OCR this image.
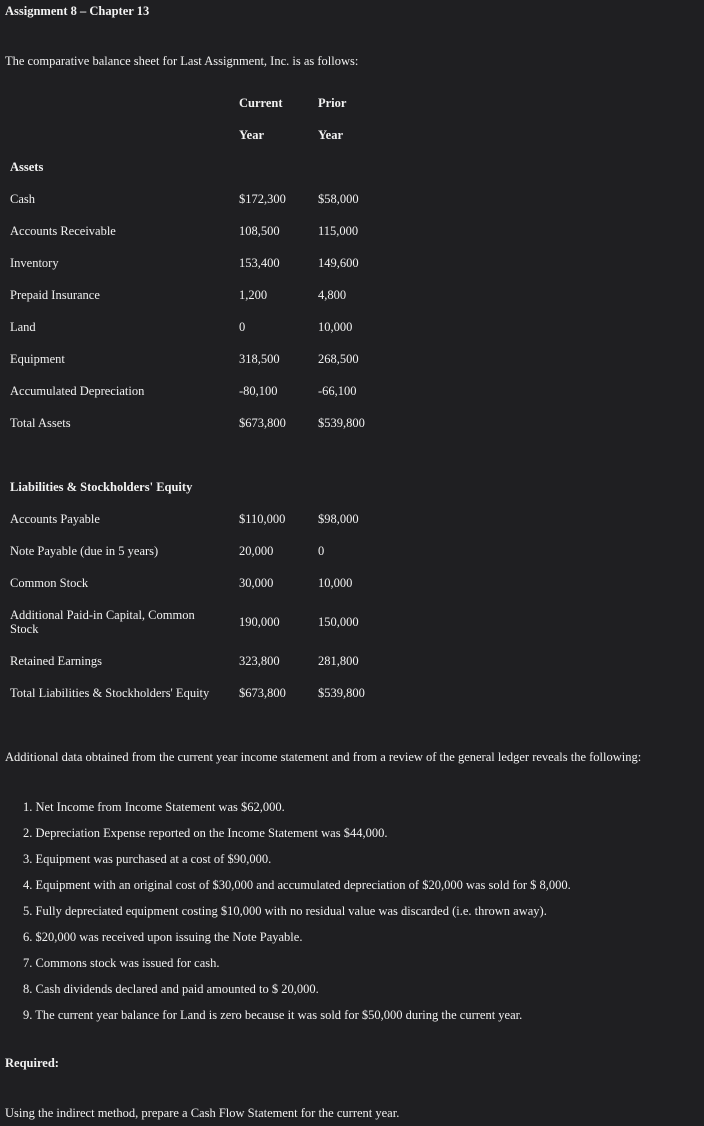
Assignment 8 – Chapter 13
The comparative balance sheet for Last Assignment, Inc. is as follows:
Current	Prior
Year	Year
Assets
Cash	$172,300	$58,000
Accounts Receivable	108,500	115,000
Inventory	153,400	149,600
Prepaid Insurance	1,200	4,800
Land	0	10,000
Equipment	318,500	268,500
Accumulated Depreciation	-80,100	-66,100
Total Assets	$673,800	$539,800
Liabilities & Stockholders' Equity
Accounts Payable	$110,000	$98,000
Note Payable (due in 5 years)	20,000	0
Common Stock	30,000	10,000
Additional Paid-in Capital, Common Stock	190,000	150,000
Retained Earnings	323,800	281,800
Total Liabilities & Stockholders' Equity $673,800	$539,800
Additional data obtained from the current year income statement and from a review of the general ledger reveals the following:
1. Net Income from Income Statement was $62,000.
2. Depreciation Expense reported on the Income Statement was $44,000.
3. Equipment was purchased at a cost of $90,000.
4. Equipment with an original cost of $30,000 and accumulated depreciation of $20,000 was sold for $ 8,000.
5. Fully depreciated equipment costing $10,000 with no residual value was discarded (i.e. thrown away).
6. $20,000 was received upon issuing the Note Payable.
7. Commons stock was issued for cash.
8. Cash dividends declared and paid amounted to $ 20,000.
9. The current year balance for Land is zero because it was sold for $50,000 during the current year.
Required:
Using the indirect method, prepare a Cash Flow Statement for the current year.
